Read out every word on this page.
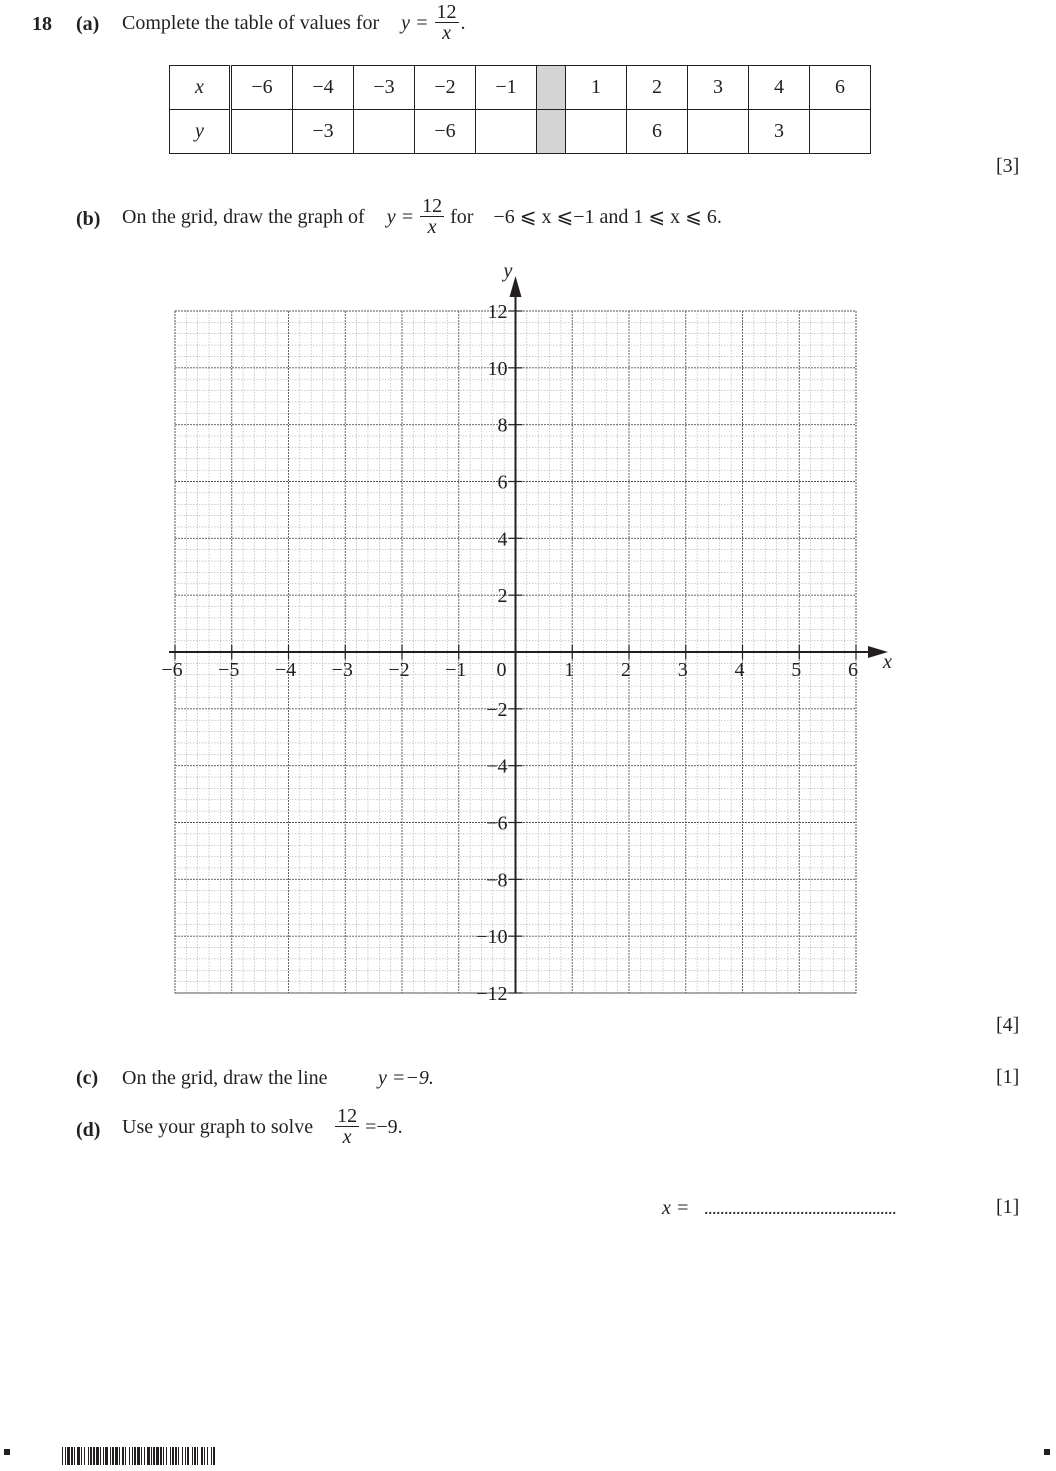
18 (a) Complete the table of values for $y = \frac{12}{x}$ .
x	−6	−4	−3	−2	−1		1	2	3	4	6
y		−3		−6				6		3	
[3]
(b) On the grid, draw the graph of $y = \frac{12}{x}$ for −6 ⩽ x ⩽−1 and 1 ⩽ x ⩽ 6.
x
y
−6 −5 −4 −3 −2 −1 0	1 2 3 4 5 6
12
10
8
6
4
2
−2
−4
−6
−8
−10
−12
[4]
(c) On the grid, draw the line	y =−9.	[1]
(d) Use your graph to solve $\frac{12}{x} =-9$.
x = ................................................	[1]
